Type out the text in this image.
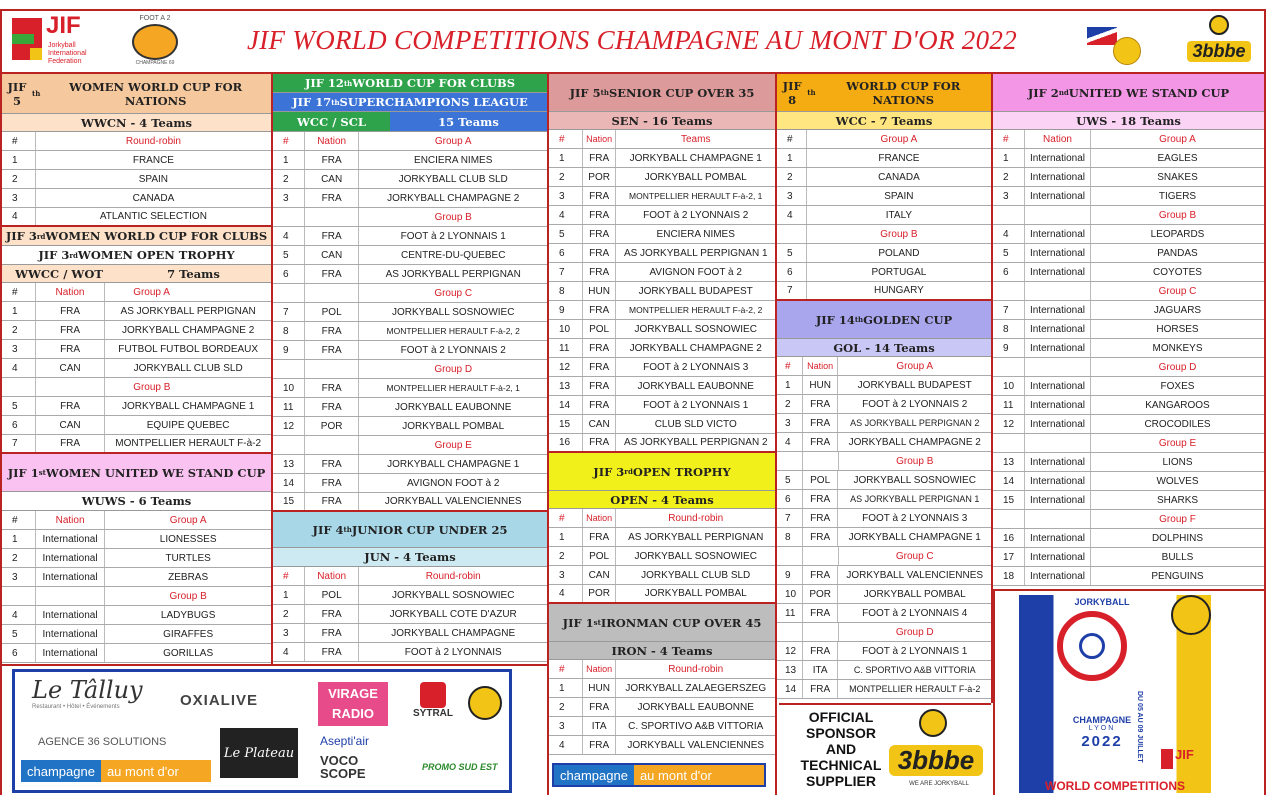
JIF
Jorkyball International Federation
FOOT A 2
CHAMPAGNE 69
JIF WORLD COMPETITIONS CHAMPAGNE AU MONT D'OR 2022	3bbbe
JIF 5	th	WOMEN WORLD CUP FOR NATIONS
WWCN - 4 Teams
#	Round-robin
1	FRANCE
2	SPAIN
3	CANADA
4	ATLANTIC SELECTION
JIF 3 rd WOMEN WORLD CUP FOR CLUBS
JIF 3 rd WOMEN OPEN TROPHY
WWCC / WOT	7 Teams
#	Nation	Group A
1	FRA	AS JORKYBALL PERPIGNAN
2	FRA	JORKYBALL CHAMPAGNE 2
3	FRA	FUTBOL FUTBOL BORDEAUX
4	CAN	JORKYBALL CLUB SLD
Group B
5	FRA	JORKYBALL CHAMPAGNE 1
6	CAN	EQUIPE QUEBEC
7	FRA	MONTPELLIER HERAULT F-à-2
JIF 1 st WOMEN UNITED WE STAND CUP
WUWS - 6 Teams
#	Nation	Group A
1	International	LIONESSES
2	International	TURTLES
3	International	ZEBRAS
Group B
4	International	LADYBUGS
5	International	GIRAFFES
6	International	GORILLAS
JIF 12 th WORLD CUP FOR CLUBS
JIF 17 th SUPERCHAMPIONS LEAGUE
WCC / SCL	15 Teams
#	Nation	Group A
1	FRA	ENCIERA NIMES
2	CAN	JORKYBALL CLUB SLD
3	FRA	JORKYBALL CHAMPAGNE 2
Group B
4	FRA	FOOT à 2 LYONNAIS 1
5	CAN	CENTRE-DU-QUEBEC
6	FRA	AS JORKYBALL PERPIGNAN
Group C
7	POL	JORKYBALL SOSNOWIEC
8	FRA	MONTPELLIER HERAULT F-à-2, 2
9	FRA	FOOT à 2 LYONNAIS 2
Group D
10	FRA	MONTPELLIER HERAULT F-à-2, 1
11	FRA	JORKYBALL EAUBONNE
12	POR	JORKYBALL POMBAL
Group E
13	FRA	JORKYBALL CHAMPAGNE 1
14	FRA	AVIGNON FOOT à 2
15	FRA	JORKYBALL VALENCIENNES
JIF 4 th JUNIOR CUP UNDER 25
JUN - 4 Teams
#	Nation	Round-robin
1	POL	JORKYBALL SOSNOWIEC
2	FRA	JORKYBALL COTE D'AZUR
3	FRA	JORKYBALL CHAMPAGNE
4	FRA	FOOT à 2 LYONNAIS
JIF 5 th SENIOR CUP OVER 35
SEN - 16 Teams
#	Nation	Teams
1	FRA	JORKYBALL CHAMPAGNE 1
2	POR	JORKYBALL POMBAL
3	FRA	MONTPELLIER HERAULT F-à-2, 1
4	FRA	FOOT à 2 LYONNAIS 2
5	FRA	ENCIERA NIMES
6	FRA	AS JORKYBALL PERPIGNAN 1
7	FRA	AVIGNON FOOT à 2
8	HUN	JORKYBALL BUDAPEST
9	FRA	MONTPELLIER HERAULT F-à-2, 2
10	POL	JORKYBALL SOSNOWIEC
11	FRA	JORKYBALL CHAMPAGNE 2
12	FRA	FOOT à 2 LYONNAIS 3
13	FRA	JORKYBALL EAUBONNE
14	FRA	FOOT à 2 LYONNAIS 1
15	CAN	CLUB SLD VICTO
16	FRA	AS JORKYBALL PERPIGNAN 2
JIF 3 rd OPEN TROPHY
OPEN - 4 Teams
#	Nation	Round-robin
1	FRA	AS JORKYBALL PERPIGNAN
2	POL	JORKYBALL SOSNOWIEC
3	CAN	JORKYBALL CLUB SLD
4	POR	JORKYBALL POMBAL
JIF 1 st IRONMAN CUP OVER 45
IRON - 4 Teams
#	Nation	Round-robin
1	HUN	JORKYBALL ZALAEGERSZEG
2	FRA	JORKYBALL EAUBONNE
3	ITA	C. SPORTIVO A&B VITTORIA
4	FRA	JORKYBALL VALENCIENNES
JIF 8	th	WORLD CUP FOR NATIONS
WCC - 7 Teams
#	Group A
1	FRANCE
2	CANADA
3	SPAIN
4	ITALY
Group B
5	POLAND
6	PORTUGAL
7	HUNGARY
JIF 14 th GOLDEN CUP
GOL - 14 Teams
#	Nation	Group A
1	HUN	JORKYBALL BUDAPEST
2	FRA	FOOT à 2 LYONNAIS 2
3	FRA	AS JORKYBALL PERPIGNAN 2
4	FRA	JORKYBALL CHAMPAGNE 2
Group B
5	POL	JORKYBALL SOSNOWIEC
6	FRA	AS JORKYBALL PERPIGNAN 1
7	FRA	FOOT à 2 LYONNAIS 3
8	FRA	JORKYBALL CHAMPAGNE 1
Group C
9	FRA	JORKYBALL VALENCIENNES
10	POR	JORKYBALL POMBAL
11	FRA	FOOT à 2 LYONNAIS 4
Group D
12	FRA	FOOT à 2 LYONNAIS 1
13	ITA	C. SPORTIVO A&B VITTORIA
14	FRA	MONTPELLIER HERAULT F-à-2
JIF 2 nd UNITED WE STAND CUP
UWS - 18 Teams
#	Nation	Group A
1	International	EAGLES
2	International	SNAKES
3	International	TIGERS
Group B
4	International	LEOPARDS
5	International	PANDAS
6	International	COYOTES
Group C
7	International	JAGUARS
8	International	HORSES
9	International	MONKEYS
Group D
10	International	FOXES
11	International	KANGAROOS
12	International	CROCODILES
Group E
13	International	LIONS
14	International	WOLVES
15	International	SHARKS
Group F
16	International	DOLPHINS
17	International	BULLS
18	International	PENGUINS
Le Tâlluy
Restaurant • Hôtel • Événements	OXIALIVE	VIRAGE RADIO	SYTRAL
AGENCE 36 SOLUTIONS
Le Plateau
Asepti'air
VOCO SCOPE	PROMO SUD EST
champagne au mont d'or	champagne au mont d'or
OFFICIAL SPONSOR AND TECHNICAL SUPPLIER
3bbbe
WE ARE JORKYBALL
JORKYBALL
DU 05 AU 09 JUILLET
CHAMPAGNE
LYON
2022
JIF
WORLD COMPETITIONS
